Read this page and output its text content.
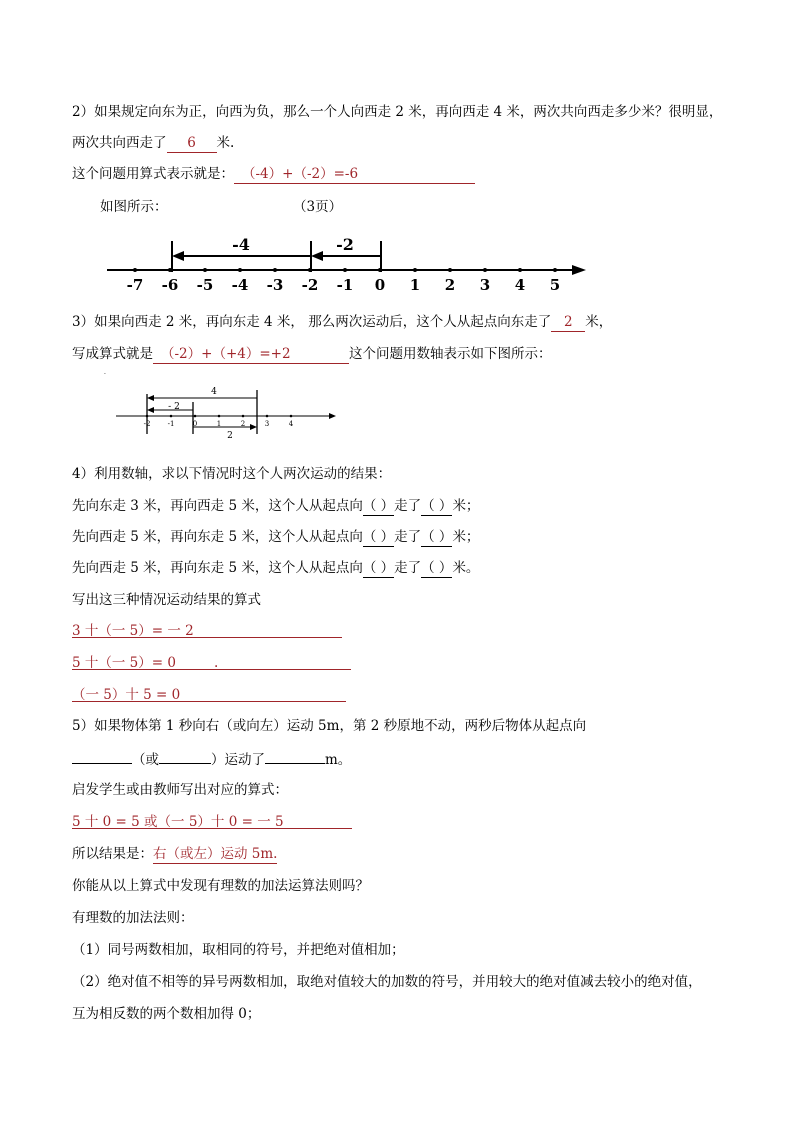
2）如果规定向东为正，向西为负，那么一个人向西走 2 米，再向西走 4 米，两次共向西走多少米？很明显，
两次共向西走了 6 米.
这个问题用算式表示就是： （-4）+（-2）=-6
如图所示：	（3页）
-4	-2
-7 -6 -5 -4 -3 -2 -1 0 1 2 3 4 5
3）如果向西走 2 米，再向东走 4 米， 那么两次运动后，这个人从起点向东走了 2 米，
写成算式就是 （-2）+（+4）=+2	这个问题用数轴表示如下图所示：
·
4
- 2
2
-2 -1	0	1	2	3	4
4）利用数轴，求以下情况时这个人两次运动的结果：
先向东走 3 米，再向西走 5 米，这个人从起点向（ ）走了（ ）米；
先向西走 5 米，再向东走 5 米，这个人从起点向（ ）走了（ ）米；
先向西走 5 米，再向东走 5 米，这个人从起点向（ ）走了（ ）米。
写出这三种情况运动结果的算式
3 十（一 5）= 一 2
5 十（一 5）= 0	.
（一 5）十 5 = 0
5）如果物体第 1 秒向右（或向左）运动 5m，第 2 秒原地不动，两秒后物体从起点向
（或	）运动了	m。
启发学生或由教师写出对应的算式：
5 十 0 = 5 或（一 5）十 0 = 一 5
所以结果是：右（或左）运动 5m.
你能从以上算式中发现有理数的加法运算法则吗？
有理数的加法法则：
（1）同号两数相加，取相同的符号，并把绝对值相加；
（2）绝对值不相等的异号两数相加，取绝对值较大的加数的符号，并用较大的绝对值减去较小的绝对值，
互为相反数的两个数相加得 0；
